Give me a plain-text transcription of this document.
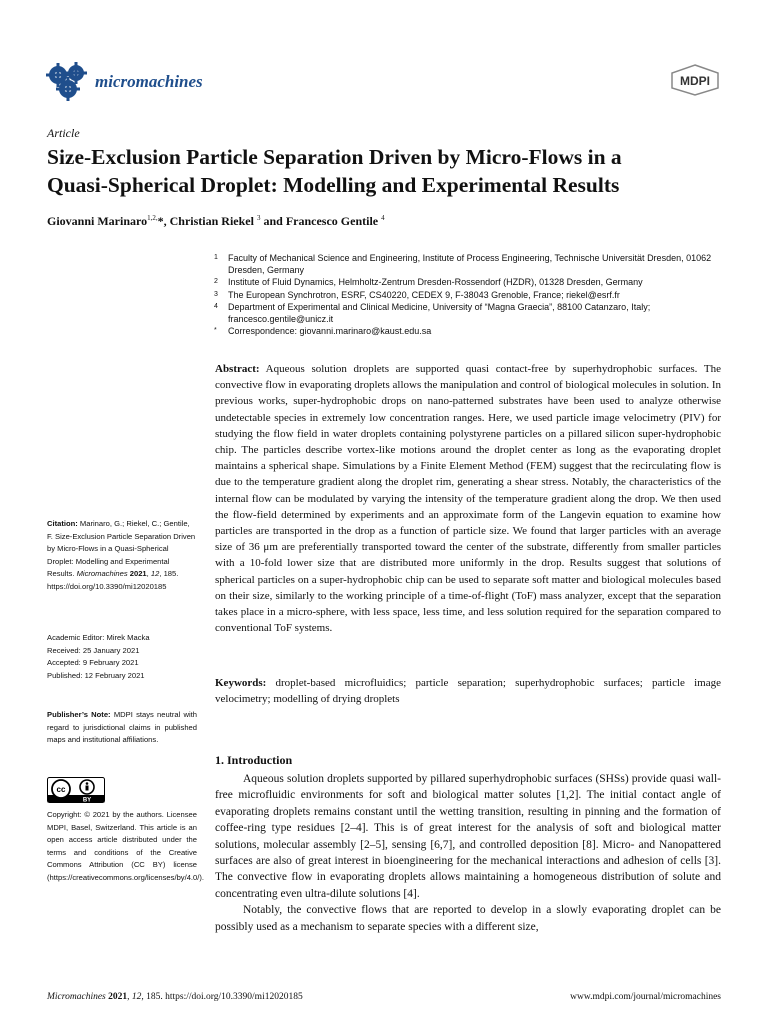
micromachines	MDPI
Article
Size-Exclusion Particle Separation Driven by Micro-Flows in a
Quasi-Spherical Droplet: Modelling and Experimental Results
Giovanni Marinaro$^{1,2,}$*, Christian Riekel $^3$ and Francesco Gentile $^4$
1 Faculty of Mechanical Science and Engineering, Institute of Process Engineering, Technische Universität Dresden, 01062 Dresden, Germany
2 Institute of Fluid Dynamics, Helmholtz-Zentrum Dresden-Rossendorf (HZDR), 01328 Dresden, Germany
3 The European Synchrotron, ESRF, CS40220, CEDEX 9, F-38043 Grenoble, France; riekel@esrf.fr
4 Department of Experimental and Clinical Medicine, University of “Magna Graecia”, 88100 Catanzaro, Italy; francesco.gentile@unicz.it
* Correspondence: giovanni.marinaro@kaust.edu.sa
Abstract: Aqueous solution droplets are supported quasi contact-free by superhydrophobic surfaces. The convective flow in evaporating droplets allows the manipulation and control of biological molecules in solution. In previous works, super-hydrophobic drops on nano-patterned substrates have been used to analyze otherwise undetectable species in extremely low concentration ranges. Here, we used particle image velocimetry (PIV) for studying the flow field in water droplets containing polystyrene particles on a pillared silicon super-hydrophobic chip. The particles describe vortex-like motions around the droplet center as long as the evaporating droplet maintains a spherical shape. Simulations by a Finite Element Method (FEM) suggest that the recirculating flow is due to the temperature gradient along the droplet rim, generating a shear stress. Notably, the characteristics of the internal flow can be modulated by varying the intensity of the temperature gradient along the drop. We then used the flow-field determined by experiments and an approximate form of the Langevin equation to examine how particles are transported in the drop as a function of particle size. We found that larger particles with an average size of 36 μm are preferentially transported toward the center of the substrate, differently from smaller particles with a 10-fold lower size that are distributed more uniformly in the drop. Results suggest that solutions of spherical particles on a super-hydrophobic chip can be used to separate soft matter and biological molecules based on their size, similarly to the working principle of a time-of-flight (ToF) mass analyzer, except that the separation takes place in a micro-sphere, with less space, less time, and less solution required for the separation compared to conventional ToF systems.
Keywords: droplet-based microfluidics; particle separation; superhydrophobic surfaces; particle image velocimetry; modelling of drying droplets
1. Introduction

Aqueous solution droplets supported by pillared superhydrophobic surfaces (SHSs) provide quasi wall-free microfluidic environments for soft and biological matter solutes [1,2]. The initial contact angle of evaporating droplets remains constant until the wetting transition, resulting in pinning and the formation of coffee-ring type residues [2–4]. This is of great interest for the analysis of soft and biological matter solutions, molecular assembly [2–5], sensing [6,7], and controlled deposition [8]. Micro- and Nanopattered surfaces are also of great interest in bioengineering for the mechanical interactions and adhesion of cells [3]. The convective flow in evaporating droplets allows maintaining a homogeneous distribution of solute and concentrating even ultra-dilute solutions [4].

Notably, the convective flows that are reported to develop in a slowly evaporating droplet can be possibly used as a mechanism to separate species with a different size,

Citation: Marinaro, G.; Riekel, C.; Gentile, F. Size-Exclusion Particle Separation Driven by Micro-Flows in a Quasi-Spherical Droplet: Modelling and Experimental Results. Micromachines 2021, 12, 185. https://doi.org/10.3390/mi12020185
Academic Editor: Mirek Macka
Received: 25 January 2021
Accepted: 9 February 2021
Published: 12 February 2021
Publisher’s Note: MDPI stays neutral with regard to jurisdictional claims in published maps and institutional affiliations.
cc
BY
Copyright: © 2021 by the authors. Licensee MDPI, Basel, Switzerland. This article is an open access article distributed under the terms and conditions of the Creative Commons Attribution (CC BY) license (https://creativecommons.org/licenses/by/4.0/).
Micromachines 2021, 12, 185. https://doi.org/10.3390/mi12020185	www.mdpi.com/journal/micromachines
